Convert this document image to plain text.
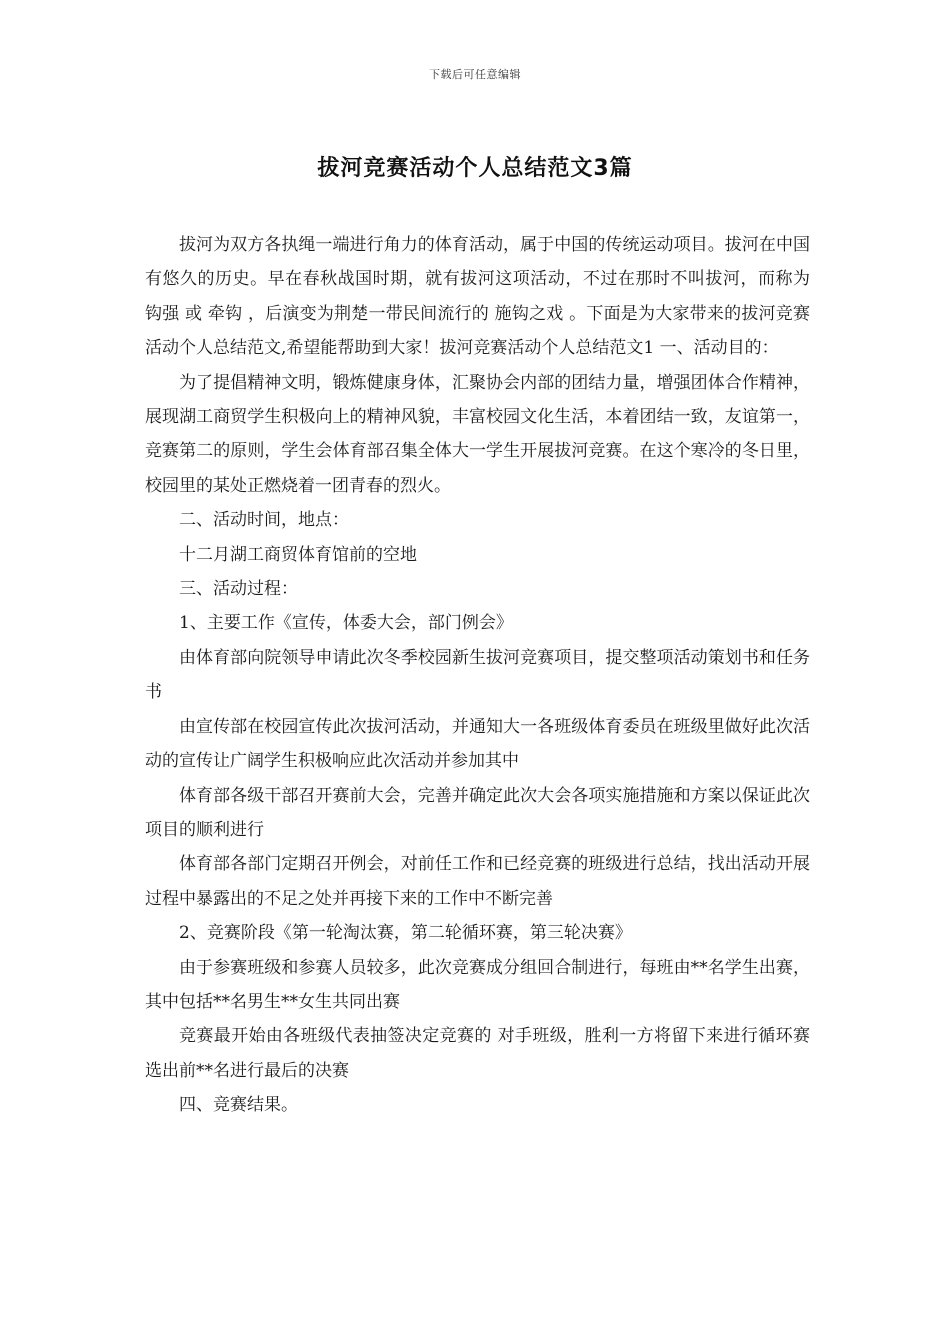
下载后可任意编辑
拔河竞赛活动个人总结范文3篇

拔河为双方各执绳一端进行角力的体育活动，属于中国的传统运动项目。拔河在中国有悠久的历史。早在春秋战国时期，就有拔河这项活动，不过在那时不叫拔河，而称为 钩强 或 牵钩 ，后演变为荆楚一带民间流行的 施钩之戏 。下面是为大家带来的拔河竞赛活动个人总结范文,希望能帮助到大家！拔河竞赛活动个人总结范文1 一、活动目的：

为了提倡精神文明，锻炼健康身体，汇聚协会内部的团结力量，增强团体合作精神，展现湖工商贸学生积极向上的精神风貌，丰富校园文化生活，本着团结一致，友谊第一，竞赛第二的原则，学生会体育部召集全体大一学生开展拔河竞赛。在这个寒冷的冬日里，校园里的某处正燃烧着一团青春的烈火。

二、活动时间，地点：

十二月湖工商贸体育馆前的空地

三、活动过程：

1、主要工作《宣传，体委大会，部门例会》

由体育部向院领导申请此次冬季校园新生拔河竞赛项目，提交整项活动策划书和任务书

由宣传部在校园宣传此次拔河活动，并通知大一各班级体育委员在班级里做好此次活动的宣传让广阔学生积极响应此次活动并参加其中

体育部各级干部召开赛前大会，完善并确定此次大会各项实施措施和方案以保证此次项目的顺利进行

体育部各部门定期召开例会，对前任工作和已经竞赛的班级进行总结，找出活动开展过程中暴露出的不足之处并再接下来的工作中不断完善

2、竞赛阶段《第一轮淘汰赛，第二轮循环赛，第三轮决赛》

由于参赛班级和参赛人员较多，此次竞赛成分组回合制进行，每班由**名学生出赛，其中包括**名男生**女生共同出赛

竞赛最开始由各班级代表抽签决定竞赛的 对手班级，胜利一方将留下来进行循环赛选出前**名进行最后的决赛

四、竞赛结果。
